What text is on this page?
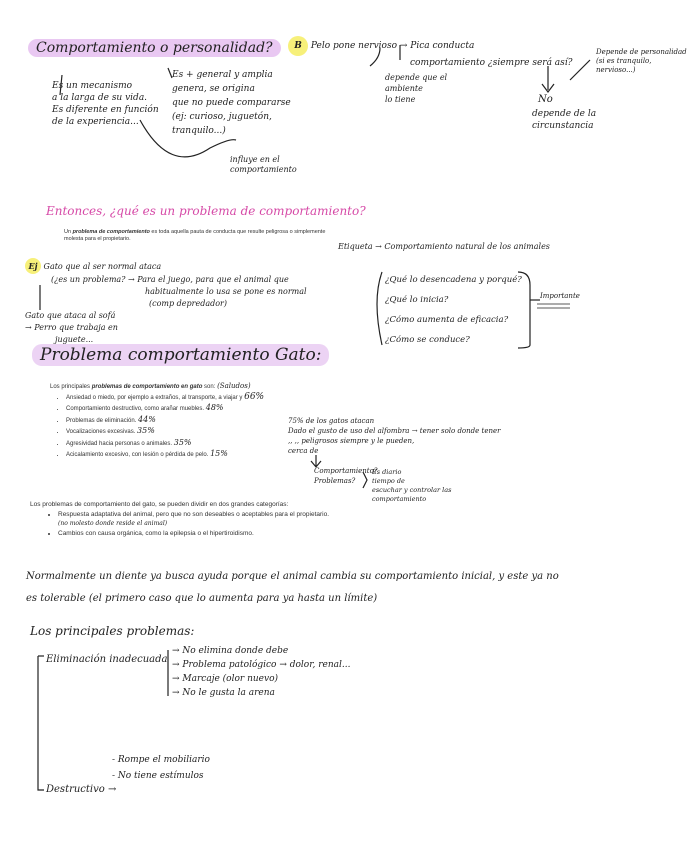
Comportamiento o personalidad?
Es un mecanismo
a la larga de su vida.
Es diferente en función
de la experiencia...
Es + general y amplia
genera, se origina
que no puede compararse
(ej: curioso, juguetón,
tranquilo...)
influye en el
comportamiento
B Pelo pone nervioso → Pica conducta
comportamiento ¿siempre será así?
Depende de personalidad
(si es tranquilo,
nervioso...)
depende que el
ambiente
lo tiene	No
depende de la
circunstancia
Entonces, ¿qué es un problema de comportamiento?
Un problema de comportamiento es toda aquella pauta de conducta que resulte peligrosa o simplemente molesta para el propietario.
Ej Gato que al ser normal ataca
(¿es un problema? → Para el juego, para que el animal que
habitualmente lo usa se pone es normal
(comp depredador)
Gato que ataca al sofá
→ Perro que trabaja en
juguete...
Etiqueta → Comportamiento natural de los animales
¿Qué lo desencadena y porqué?
¿Qué lo inicia?
¿Cómo aumenta de eficacia?
¿Cómo se conduce?
Importante
Problema comportamiento Gato:
Los principales problemas de comportamiento en gato son: (Saludos)
• Ansiedad o miedo, por ejemplo a extraños, al transporte, a viajar y 66%
• Comportamiento destructivo, como arañar muebles. 48%
• Problemas de eliminación. 44%
• Vocalizaciones excesivas. 35%
• Agresividad hacia personas o animales. 35%
• Acicalamiento excesivo, con lesión o pérdida de pelo. 15%
75% de los gatos atacan
Dado el gusto de uso del alfombra → tener solo donde tener
,, ,, peligrosos siempre y le pueden,
cerca de
Comportamiento?
Problemas?
Es diario
tiempo de
escuchar y controlar las
comportamiento
Los problemas de comportamiento del gato, se pueden dividir en dos grandes categorías:
• Respuesta adaptativa del animal, pero que no son deseables o aceptables para el propietario. (no molesto donde reside el animal)
• Cambios con causa orgánica, como la epilepsia o el hipertiroidismo.
Normalmente un diente ya busca ayuda porque el animal cambia su comportamiento inicial, y este ya no
es tolerable (el primero caso que lo aumenta para ya hasta un límite)
Los principales problemas:
Eliminación inadecuada
→ No elimina donde debe
→ Problema patológico → dolor, renal...
→ Marcaje (olor nuevo)
→ No le gusta la arena
- Rompe el mobiliario
- No tiene estímulos
Destructivo →
